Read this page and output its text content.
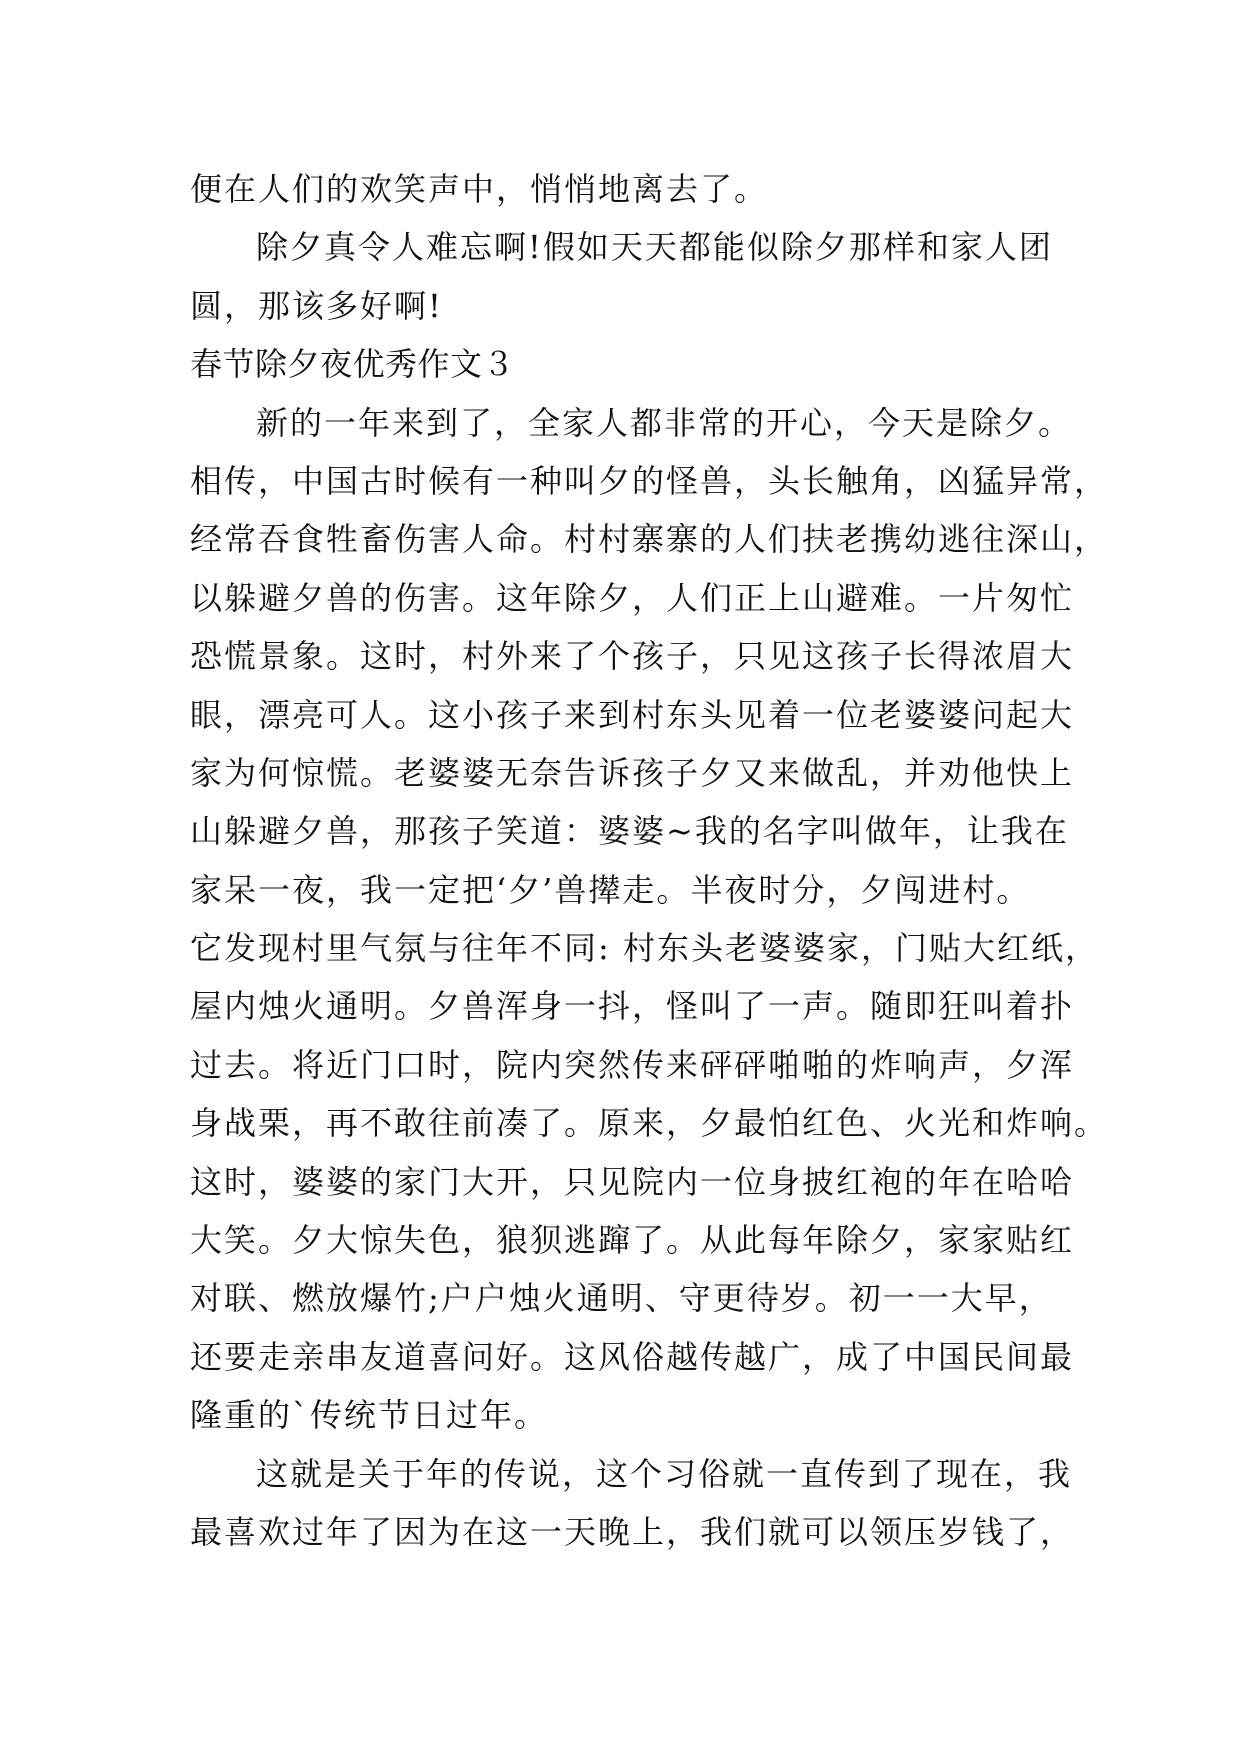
便在人们的欢笑声中，悄悄地离去了。
除夕真令人难忘啊!假如天天都能似除夕那样和家人团
圆，那该多好啊!
春节除夕夜优秀作文３
新的一年来到了，全家人都非常的开心，今天是除夕。
相传，中国古时候有一种叫夕的怪兽，头长触角，凶猛异常，
经常吞食牲畜伤害人命。村村寨寨的人们扶老携幼逃往深山，
以躲避夕兽的伤害。这年除夕，人们正上山避难。一片匆忙
恐慌景象。这时，村外来了个孩子，只见这孩子长得浓眉大
眼，漂亮可人。这小孩子来到村东头见着一位老婆婆问起大
家为何惊慌。老婆婆无奈告诉孩子夕又来做乱，并劝他快上
山躲避夕兽，那孩子笑道：婆婆~我的名字叫做年，让我在
家呆一夜，我一定把‘夕’兽撵走。半夜时分，夕闯进村。
它发现村里气氛与往年不同: 村东头老婆婆家，门贴大红纸，
屋内烛火通明。夕兽浑身一抖，怪叫了一声。随即狂叫着扑
过去。将近门口时，院内突然传来砰砰啪啪的炸响声，夕浑
身战栗，再不敢往前凑了。原来，夕最怕红色、火光和炸响。
这时，婆婆的家门大开，只见院内一位身披红袍的年在哈哈
大笑。夕大惊失色，狼狈逃蹿了。从此每年除夕，家家贴红
对联、燃放爆竹;户户烛火通明、守更待岁。初一一大早，
还要走亲串友道喜问好。这风俗越传越广，成了中国民间最
隆重的`传统节日过年。
这就是关于年的传说，这个习俗就一直传到了现在，我
最喜欢过年了因为在这一天晚上，我们就可以领压岁钱了，
